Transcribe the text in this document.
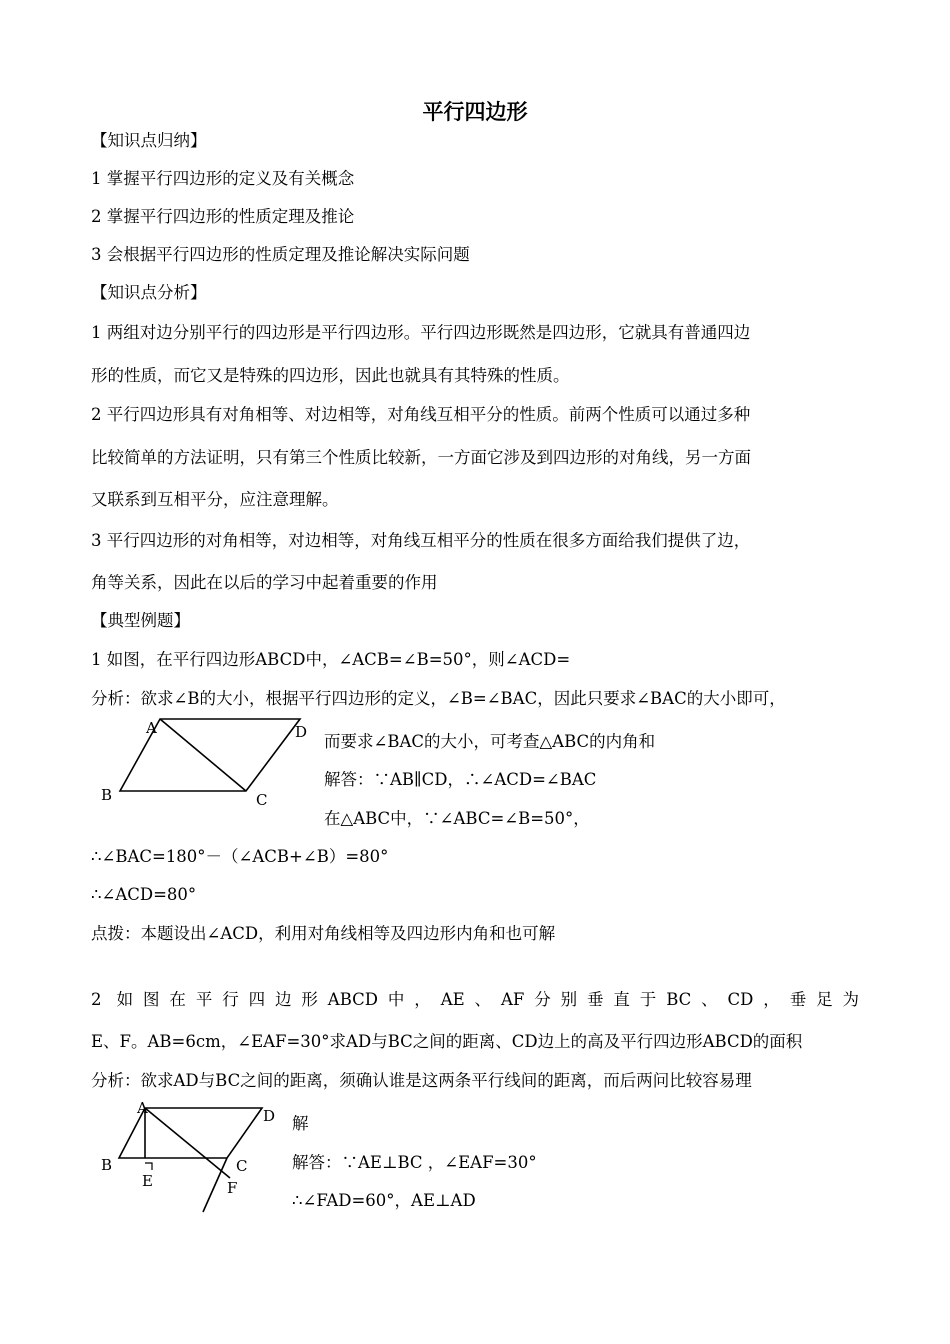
平行四边形
【知识点归纳】
1 掌握平行四边形的定义及有关概念
2 掌握平行四边形的性质定理及推论
3 会根据平行四边形的性质定理及推论解决实际问题
【知识点分析】
1 两组对边分别平行的四边形是平行四边形。平行四边形既然是四边形，它就具有普通四边
形的性质，而它又是特殊的四边形，因此也就具有其特殊的性质。
2 平行四边形具有对角相等、对边相等，对角线互相平分的性质。前两个性质可以通过多种
比较简单的方法证明，只有第三个性质比较新，一方面它涉及到四边形的对角线，另一方面
又联系到互相平分，应注意理解。
3 平行四边形的对角相等，对边相等，对角线互相平分的性质在很多方面给我们提供了边，
角等关系，因此在以后的学习中起着重要的作用
【典型例题】
1 如图，在平行四边形ABCD中，∠ACB=∠B=50°，则∠ACD=
分析：欲求∠B的大小，根据平行四边形的定义，∠B=∠BAC，因此只要求∠BAC的大小即可，
A	D
B	C
而要求∠BAC的大小，可考查△ABC的内角和
解答：∵AB∥CD，∴∠ACD=∠BAC
在△ABC中，∵∠ABC=∠B=50°，
∴∠BAC=180°－（∠ACB+∠B）=80°
∴∠ACD=80°
点拨：本题设出∠ACD，利用对角线相等及四边形内角和也可解
2 如图在平行四边形ABCD中，AE、AF分别垂直于BC、CD，垂足为
E、F。AB=6cm，∠EAF=30°求AD与BC之间的距离、CD边上的高及平行四边形ABCD的面积
分析：欲求AD与BC之间的距离，须确认谁是这两条平行线间的距离，而后两问比较容易理
A	D
B	C
E	F
解
解答：∵AE⊥BC ，∠EAF=30°
∴∠FAD=60°，AE⊥AD
